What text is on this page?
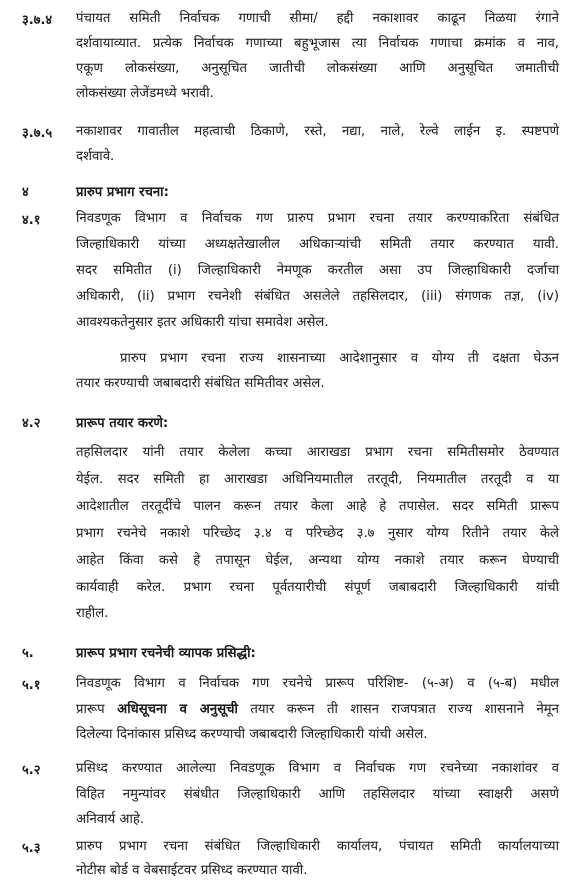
३.७.४ पंचायत समिती निर्वाचक गणाची सीमा/ हद्दी नकाशावर काढून निळया रंगाने
दर्शवायाव्यात. प्रत्येक निर्वाचक गणाच्या बहुभूजास त्या निर्वाचक गणाचा क्रमांक व नाव,
एकूण लोकसंख्या, अनुसूचित जातीची लोकसंख्या आणि अनुसूचित जमातीची
लोकसंख्या लेजेंडमध्ये भरावी.
३.७.५ नकाशावर गावातील महत्वाची ठिकाणे, रस्ते, नद्या, नाले, रेल्वे लाईन इ. स्पष्टपणे
दर्शवावे.
४	प्रारुप प्रभाग रचना:
४.१	निवडणूक विभाग व निर्वाचक गण प्रारुप प्रभाग रचना तयार करण्याकरिता संबंधित
जिल्हाधिकारी यांच्या अध्यक्षतेखालील अधिकाऱ्यांची समिती तयार करण्यात यावी.
सदर समितीत (i) जिल्हाधिकारी नेमणूक करतील असा उप जिल्हाधिकारी दर्जाचा
अधिकारी, (ii) प्रभाग रचनेशी संबंधित असलेले तहसिलदार, (iii) संगणक तज्ञ, (iv)
आवश्यकतेनुसार इतर अधिकारी यांचा समावेश असेल.
प्रारुप प्रभाग रचना राज्य शासनाच्या आदेशानुसार व योग्य ती दक्षता घेऊन
तयार करण्याची जबाबदारी संबंधित समितीवर असेल.
४.२	प्रारूप तयार करणे:
तहसिलदार यांनी तयार केलेला कच्चा आराखडा प्रभाग रचना समितीसमोर ठेवण्यात
येईल. सदर समिती हा आराखडा अधिनियमातील तरतूदी, नियमातील तरतूदी व या
आदेशातील तरतूदींचे पालन करून तयार केला आहे हे तपासेल. सदर समिती प्रारूप
प्रभाग रचनेचे नकाशे परिच्छेद ३.४ व परिच्छेद ३.७ नुसार योग्य रितीने तयार केले
आहेत किंवा कसे हे तपासून घेईल, अन्यथा योग्य नकाशे तयार करून घेण्याची
कार्यवाही करेल. प्रभाग रचना पूर्वतयारीची संपूर्ण जबाबदारी जिल्हाधिकारी यांची
राहील.
५.	प्रारूप प्रभाग रचनेची व्यापक प्रसिद्धी:
५.१	निवडणूक विभाग व निर्वाचक गण रचनेचे प्रारूप परिशिष्ट- (५-अ) व (५-ब) मधील
प्रारूप अधिसूचना व अनुसूची तयार करून ती शासन राजपत्रात राज्य शासनाने नेमून
दिलेल्या दिनांकास प्रसिध्द करण्याची जबाबदारी जिल्हाधिकारी यांची असेल.
५.२	प्रसिध्द करण्यात आलेल्या निवडणूक विभाग व निर्वाचक गण रचनेच्या नकाशांवर व
विहित नमुन्यांवर संबंधीत जिल्हाधिकारी आणि तहसिलदार यांच्या स्वाक्षरी असणे
अनिवार्य आहे.
५.३	प्रारुप प्रभाग रचना संबंधित जिल्हाधिकारी कार्यालय, पंचायत समिती कार्यालयाच्या
नोटीस बोर्ड व वेबसाईटवर प्रसिध्द करण्यात यावी.
